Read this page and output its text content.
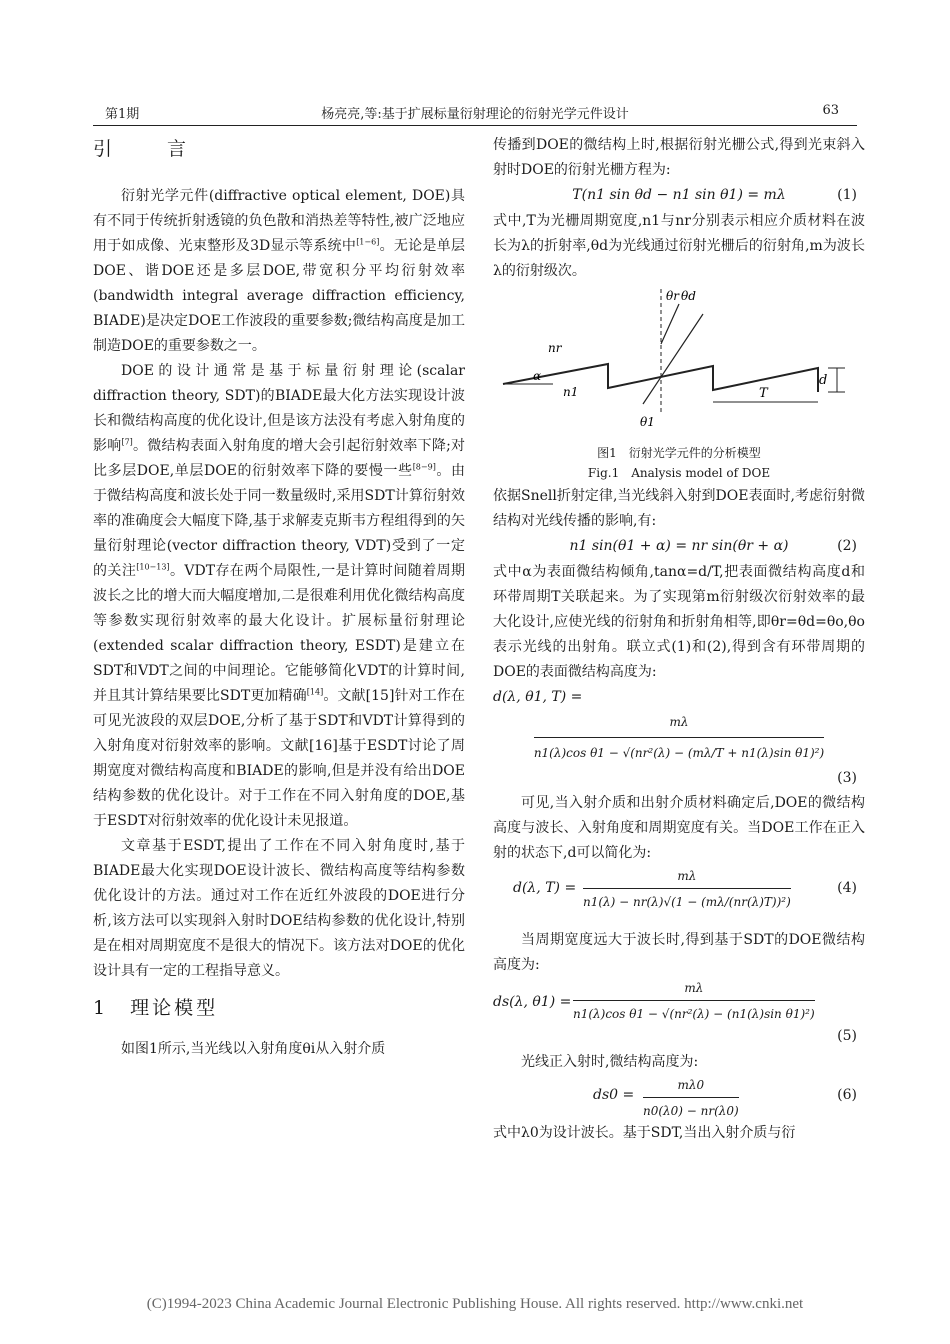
第1期	杨亮亮,等:基于扩展标量衍射理论的衍射光学元件设计	63
引　言

衍射光学元件(diffractive optical element, DOE)具有不同于传统折射透镜的负色散和消热差等特性,被广泛地应用于如成像、光束整形及3D显示等系统中[1−6]。无论是单层DOE、谐DOE还是多层DOE,带宽积分平均衍射效率(bandwidth integral average diffraction efficiency, BIADE)是决定DOE工作波段的重要参数;微结构高度是加工制造DOE的重要参数之一。

DOE的设计通常是基于标量衍射理论(scalar diffraction theory, SDT)的BIADE最大化方法实现设计波长和微结构高度的优化设计,但是该方法没有考虑入射角度的影响[7]。微结构表面入射角度的增大会引起衍射效率下降;对比多层DOE,单层DOE的衍射效率下降的要慢一些[8−9]。由于微结构高度和波长处于同一数量级时,采用SDT计算衍射效率的准确度会大幅度下降,基于求解麦克斯韦方程组得到的矢量衍射理论(vector diffraction theory, VDT)受到了一定的关注[10−13]。VDT存在两个局限性,一是计算时间随着周期波长之比的增大而大幅度增加,二是很难利用优化微结构高度等参数实现衍射效率的最大化设计。扩展标量衍射理论(extended scalar diffraction theory, ESDT)是建立在SDT和VDT之间的中间理论。它能够简化VDT的计算时间,并且其计算结果要比SDT更加精确[14]。文献[15]针对工作在可见光波段的双层DOE,分析了基于SDT和VDT计算得到的入射角度对衍射效率的影响。文献[16]基于ESDT讨论了周期宽度对微结构高度和BIADE的影响,但是并没有给出DOE结构参数的优化设计。对于工作在不同入射角度的DOE,基于ESDT对衍射效率的优化设计未见报道。

文章基于ESDT,提出了工作在不同入射角度时,基于BIADE最大化实现DOE设计波长、微结构高度等结构参数优化设计的方法。通过对工作在近红外波段的DOE进行分析,该方法可以实现斜入射时DOE结构参数的优化设计,特别是在相对周期宽度不是很大的情况下。该方法对DOE的优化设计具有一定的工程指导意义。

1　理论模型

如图1所示,当光线以入射角度θi从入射介质

传播到DOE的微结构上时,根据衍射光栅公式,得到光束斜入射时DOE的衍射光栅方程为:

T(n1 sin θd − n1 sin θ1) = mλ	(1)

式中,T为光栅周期宽度,n1与nr分别表示相应介质材料在波长为λ的折射率,θd为光线通过衍射光栅后的衍射角,m为波长λ的衍射级次。

nr
n1
α
θ1
θr θd
d
T
图1　衍射光学元件的分析模型
Fig.1　Analysis model of DOE

依据Snell折射定律,当光线斜入射到DOE表面时,考虑衍射微结构对光线传播的影响,有:

n1 sin(θ1 + α) = nr sin(θr + α)	(2)

式中α为表面微结构倾角,tanα=d/T,把表面微结构高度d和环带周期T关联起来。为了实现第m衍射级次衍射效率的最大化设计,应使光线的衍射角和折射角相等,即θr=θd=θo,θo表示光线的出射角。联立式(1)和(2),得到含有环带周期的DOE的表面微结构高度为:

d(λ, θ1, T) =
$\frac{m\lambda}{\text{n1(λ)cos θ1 − √(nr²(λ) − (mλ/T + n1(λ)sin θ1)²)}}$
(3)

可见,当入射介质和出射介质材料确定后,DOE的微结构高度与波长、入射角度和周期宽度有关。当DOE工作在正入射的状态下,d可以简化为:

d(λ, $T) = \frac{m\lambda}{\text{n1(λ) − nr(λ)√(1 − (mλ/(nr(λ)T))²)}}$	(4)

当周期宽度远大于波长时,得到基于SDT的DOE微结构高度为:

ds(λ, $\theta 1) = \frac{m\lambda}{\text{n1(λ)cos θ1 − √(nr²(λ) − (n1(λ)sin θ1)²)}}$
(5)

光线正入射时,微结构高度为:

$ds0 = \frac{m\lambda 0}{n0(\lambda 0) - nr(\lambda 0)}$	(6)

式中λ0为设计波长。基于SDT,当出入射介质与衍

(C)1994-2023 China Academic Journal Electronic Publishing House. All rights reserved. http://www.cnki.net
